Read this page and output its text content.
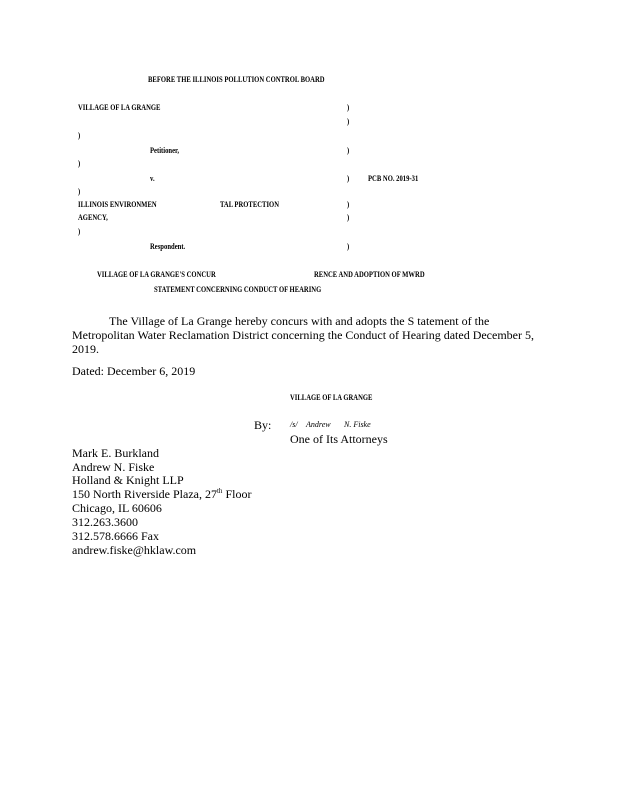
BEFORE THE ILLINOIS POLLUTION CONTROL BOARD
VILLAGE OF LA GRANGE	)
)
)
Petitioner,	)
)
v.	) PCB NO. 2019-31
)
ILLINOIS ENVIRONMEN	TAL PROTECTION	)
AGENCY,	)
)
Respondent.	)
VILLAGE OF LA GRANGE'S CONCUR	RENCE AND ADOPTION OF MWRD
STATEMENT CONCERNING CONDUCT OF HEARING
The Village of La Grange hereby concurs with and adopts the S tatement of the
Metropolitan Water Reclamation District concerning the Conduct of Hearing dated December 5,
2019.
Dated: December 6, 2019
VILLAGE OF LA GRANGE
By: /s/ Andrew N. Fiske
One of Its Attorneys
Mark E. Burkland
Andrew N. Fiske
Holland & Knight LLP
150 North Riverside Plaza, 27th Floor
Chicago, IL 60606
312.263.3600
312.578.6666 Fax
andrew.fiske@hklaw.com
